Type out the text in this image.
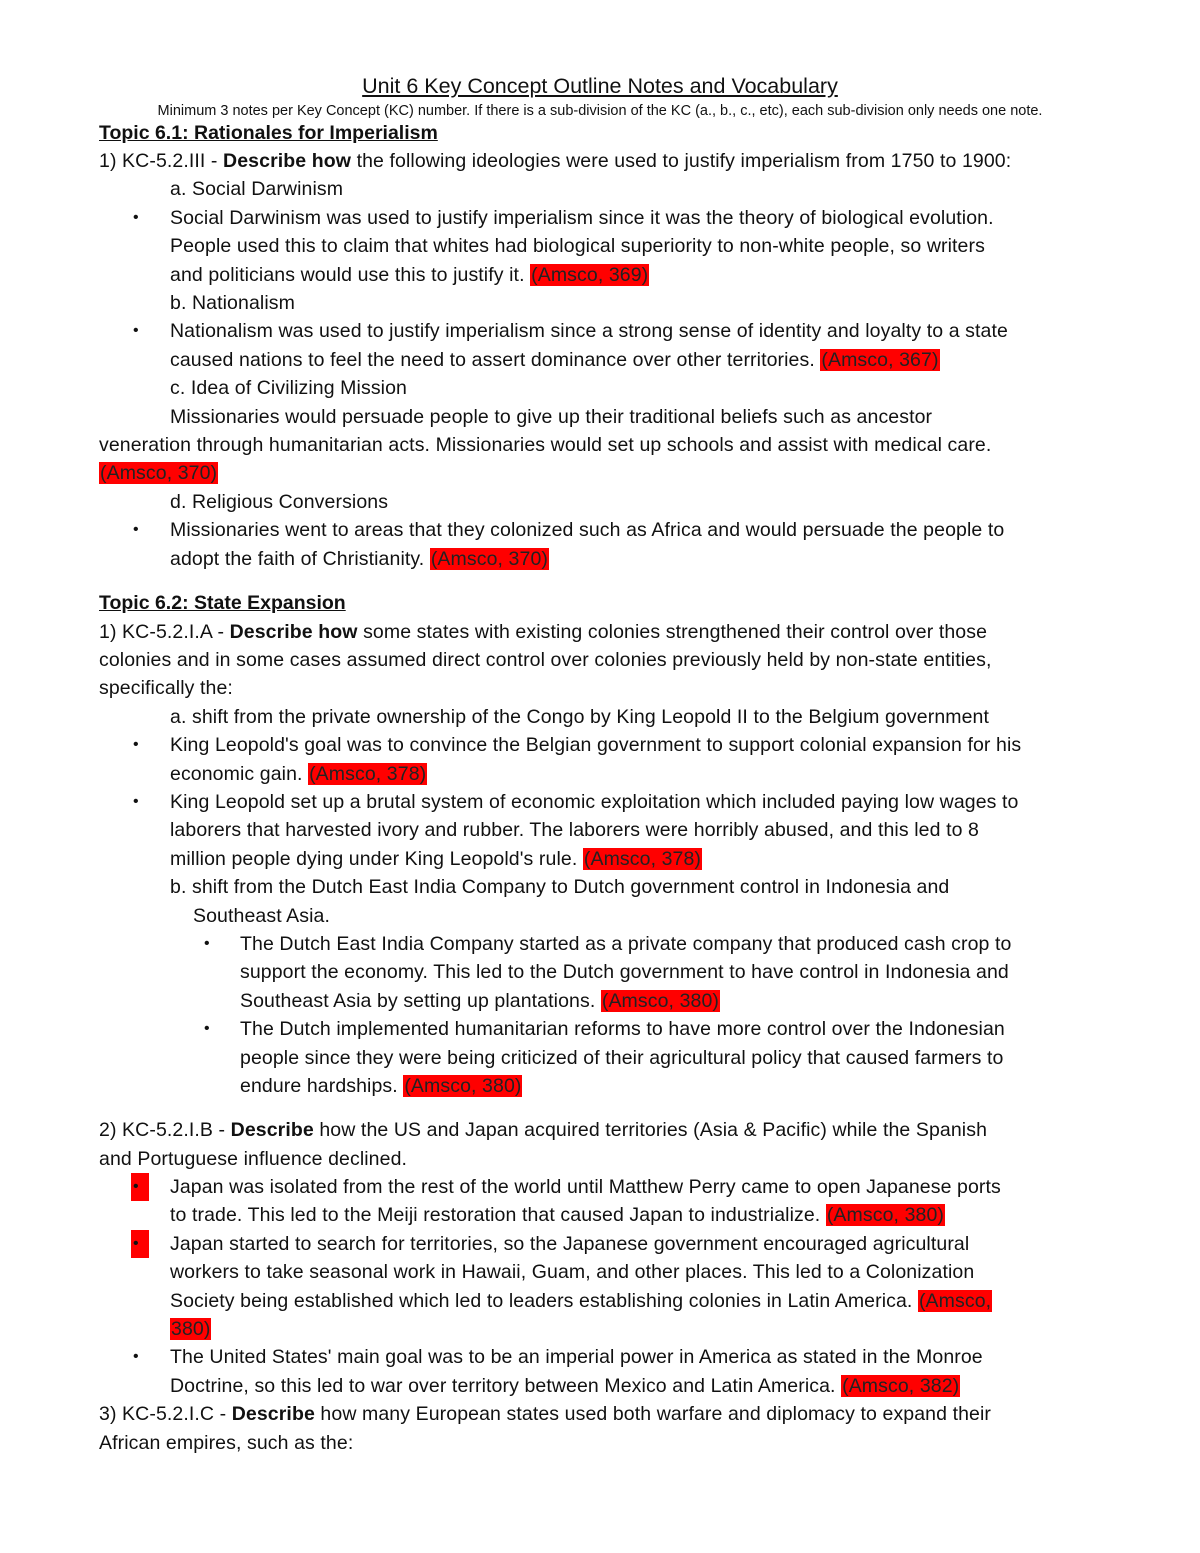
Unit 6 Key Concept Outline Notes and Vocabulary
Minimum 3 notes per Key Concept (KC) number. If there is a sub-division of the KC (a., b., c., etc), each sub-division only needs one note.
Topic 6.1: Rationales for Imperialism
1) KC-5.2.III - Describe how the following ideologies were used to justify imperialism from 1750 to 1900:
a. Social Darwinism
• Social Darwinism was used to justify imperialism since it was the theory of biological evolution.
People used this to claim that whites had biological superiority to non-white people, so writers
and politicians would use this to justify it. (Amsco, 369)
b. Nationalism
• Nationalism was used to justify imperialism since a strong sense of identity and loyalty to a state
caused nations to feel the need to assert dominance over other territories. (Amsco, 367)
c. Idea of Civilizing Mission
Missionaries would persuade people to give up their traditional beliefs such as ancestor
veneration through humanitarian acts. Missionaries would set up schools and assist with medical care.
(Amsco, 370)
d. Religious Conversions
• Missionaries went to areas that they colonized such as Africa and would persuade the people to
adopt the faith of Christianity. (Amsco, 370)
Topic 6.2: State Expansion
1) KC-5.2.I.A - Describe how some states with existing colonies strengthened their control over those
colonies and in some cases assumed direct control over colonies previously held by non-state entities,
specifically the:
a. shift from the private ownership of the Congo by King Leopold II to the Belgium government
• King Leopold's goal was to convince the Belgian government to support colonial expansion for his
economic gain. (Amsco, 378)
• King Leopold set up a brutal system of economic exploitation which included paying low wages to
laborers that harvested ivory and rubber. The laborers were horribly abused, and this led to 8
million people dying under King Leopold's rule. (Amsco, 378)
b. shift from the Dutch East India Company to Dutch government control in Indonesia and
Southeast Asia.
• The Dutch East India Company started as a private company that produced cash crop to
support the economy. This led to the Dutch government to have control in Indonesia and
Southeast Asia by setting up plantations. (Amsco, 380)
• The Dutch implemented humanitarian reforms to have more control over the Indonesian
people since they were being criticized of their agricultural policy that caused farmers to
endure hardships. (Amsco, 380)
2) KC-5.2.I.B - Describe how the US and Japan acquired territories (Asia & Pacific) while the Spanish
and Portuguese influence declined.
•	Japan was isolated from the rest of the world until Matthew Perry came to open Japanese ports
to trade. This led to the Meiji restoration that caused Japan to industrialize. (Amsco, 380)
•	Japan started to search for territories, so the Japanese government encouraged agricultural
workers to take seasonal work in Hawaii, Guam, and other places. This led to a Colonization
Society being established which led to leaders establishing colonies in Latin America. (Amsco,
380)
• The United States' main goal was to be an imperial power in America as stated in the Monroe
Doctrine, so this led to war over territory between Mexico and Latin America. (Amsco, 382)
3) KC-5.2.I.C - Describe how many European states used both warfare and diplomacy to expand their
African empires, such as the:
